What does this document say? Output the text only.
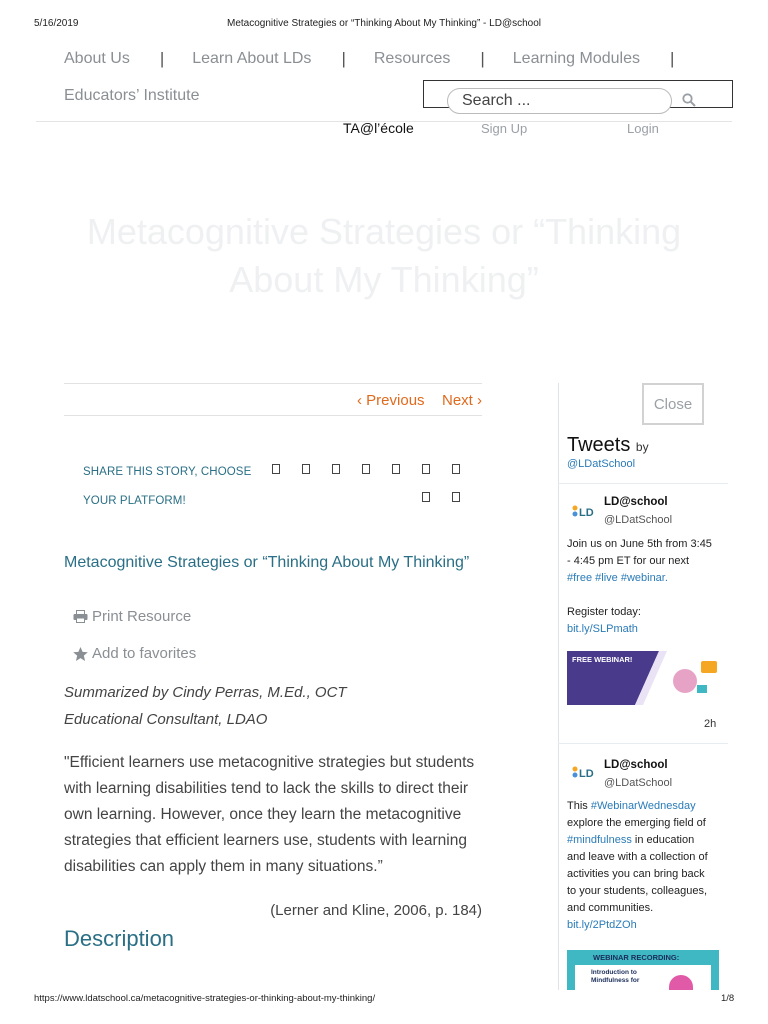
5/16/2019	Metacognitive Strategies or “Thinking About My Thinking” - LD@school
About Us | Learn About LDs | Resources | Learning Modules |
Educators’ Institute	Search ...
TA@l’école	Sign Up	Login
Metacognitive Strategies or “Thinking About My Thinking”
‹ Previous Next ›
SHARE THIS STORY, CHOOSE YOUR PLATFORM!
Metacognitive Strategies or “Thinking About My Thinking”
Print Resource
Add to favorites
Summarized by Cindy Perras, M.Ed., OCT
Educational Consultant, LDAO

"Efficient learners use metacognitive strategies but students with learning disabilities tend to lack the skills to direct their own learning. However, once they learn the metacognitive strategies that efficient learners use, students with learning disabilities can apply them in many situations.”

(Lerner and Kline, 2006, p. 184)
Description
Close
Tweets by
@LDatSchool
LD
LD@school
@LDatSchool
Join us on June 5th from 3:45
- 4:45 pm ET for our next
#free #live #webinar.
Register today:
bit.ly/SLPmath
FREE WEBINAR!
2h
LD
LD@school
@LDatSchool
This #WebinarWednesday
explore the emerging field of
#mindfulness in education
and leave with a collection of
activities you can bring back
to your students, colleagues,
and communities.
bit.ly/2PtdZOh
WEBINAR RECORDING:
Introduction to Mindfulness for
https://www.ldatschool.ca/metacognitive-strategies-or-thinking-about-my-thinking/	1/8
